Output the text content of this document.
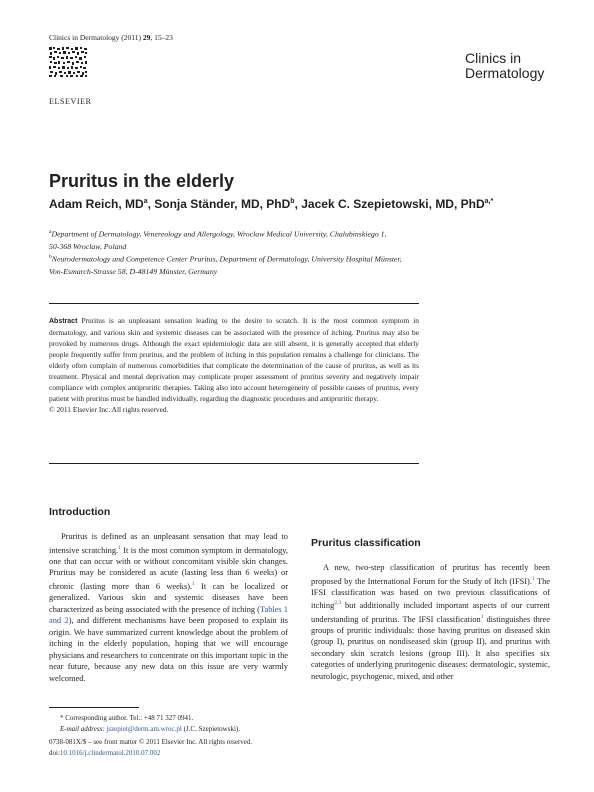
Clinics in Dermatology (2011) 29, 15–23
ELSEVIER
Clinics in
Dermatology
Pruritus in the elderly
Adam Reich, $MD^a$, Sonja Ständer, MD, PhD$^b$, Jacek C. Szepietowski, MD, PhD$^{a,*}$
$^a$Department of Dermatology, Venereology and Allergology, Wroclaw Medical University, Chalubinskiego 1,
50-368 Wroclaw, Poland
$^b$Neurodermatology and Competence Center Pruritus, Department of Dermatology, University Hospital Münster,
Von-Esmarch-Strasse 58, D-48149 Münster, Germany

Abstract Pruritus is an unpleasant sensation leading to the desire to scratch. It is the most common symptom in dermatology, and various skin and systemic diseases can be associated with the presence of itching. Pruritus may also be provoked by numerous drugs. Although the exact epidemiologic data are still absent, it is generally accepted that elderly people frequently suffer from pruritus, and the problem of itching in this population remains a challenge for clinicians. The elderly often complain of numerous comorbidities that complicate the determination of the cause of pruritus, as well as its treatment. Physical and mental deprivation may complicate proper assessment of pruritus severity and negatively impair compliance with complex antipruritic therapies. Taking also into account heterogeneity of possible causes of pruritus, every patient with pruritus must be handled individually, regarding the diagnostic procedures and antipruritic therapy.

© 2011 Elsevier Inc. All rights reserved.

Introduction

Pruritus is defined as an unpleasant sensation that may lead to intensive scratching.$^1$ It is the most common symptom in dermatology, one that can occur with or without concomitant visible skin changes. Pruritus may be considered as acute (lasting less than 6 weeks) or chronic (lasting more than 6 weeks).$^1$ It can be localized or generalized. Various skin and systemic diseases have been characterized as being associated with the presence of itching (Tables 1 and 2), and different mechanisms have been proposed to explain its origin. We have summarized current knowledge about the problem of itching in the elderly population, hoping that we will encourage physicians and researchers to concentrate on this important topic in the near future, because any new data on this issue are very warmly welcomed.

Pruritus classification

A new, two-step classification of pruritus has recently been proposed by the International Forum for the Study of Itch (IFSI).$^1$ The IFSI classification was based on two previous classifications of itching$^{2,3}$ but additionally included important aspects of our current understanding of pruritus. The IFSI classification$^1$ distinguishes three groups of pruritic individuals: those having pruritus on diseased skin (group I), pruritus on nondiseased skin (group II), and pruritus with secondary skin scratch lesions (group III). It also specifies six categories of underlying pruritogenic diseases: dermatologic, systemic, neurologic, psychogenic, mixed, and other

* Corresponding author. Tel.: +48 71 327 0941.
E-mail address: jszepiet@derm.am.wroc.pl (J.C. Szepietowski).
0738-081X/$ – see front matter © 2011 Elsevier Inc. All rights reserved.
doi:10.1016/j.clindermatol.2010.07.002
